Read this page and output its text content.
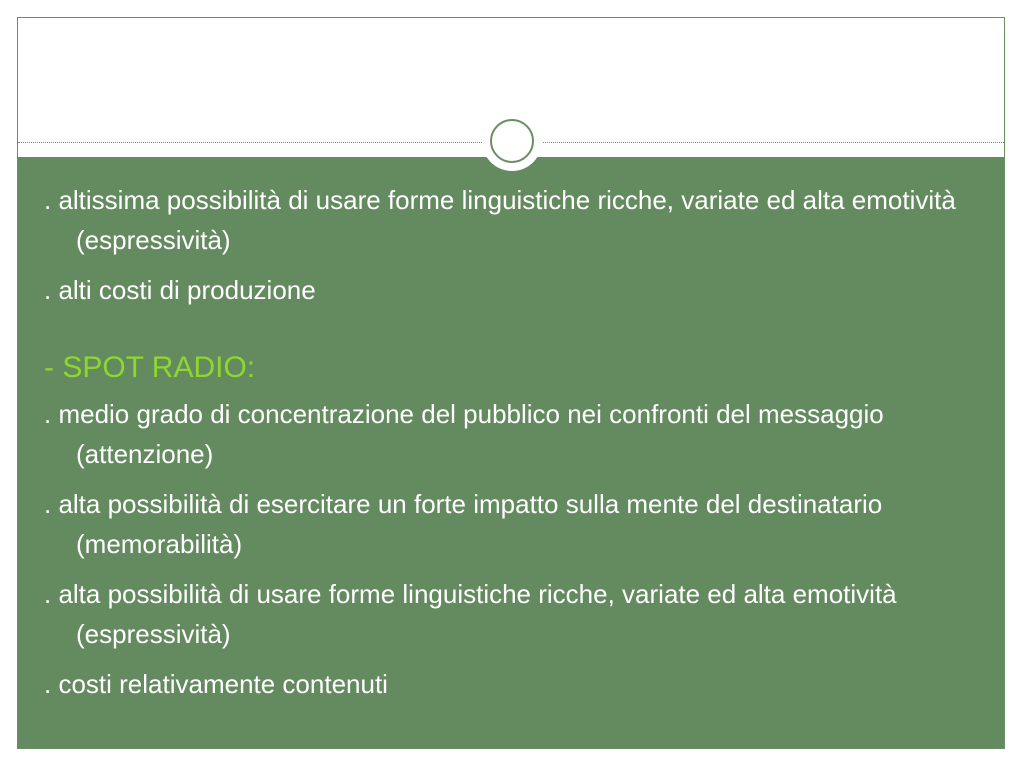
. altissima possibilità di usare forme linguistiche ricche, variate ed alta emotività (espressività)
. alti costi di produzione
- SPOT RADIO:
. medio grado di concentrazione del pubblico nei confronti del messaggio (attenzione)
. alta possibilità di esercitare un forte impatto sulla mente del destinatario (memorabilità)
. alta possibilità di usare forme linguistiche ricche, variate ed alta emotività (espressività)
. costi relativamente contenuti
